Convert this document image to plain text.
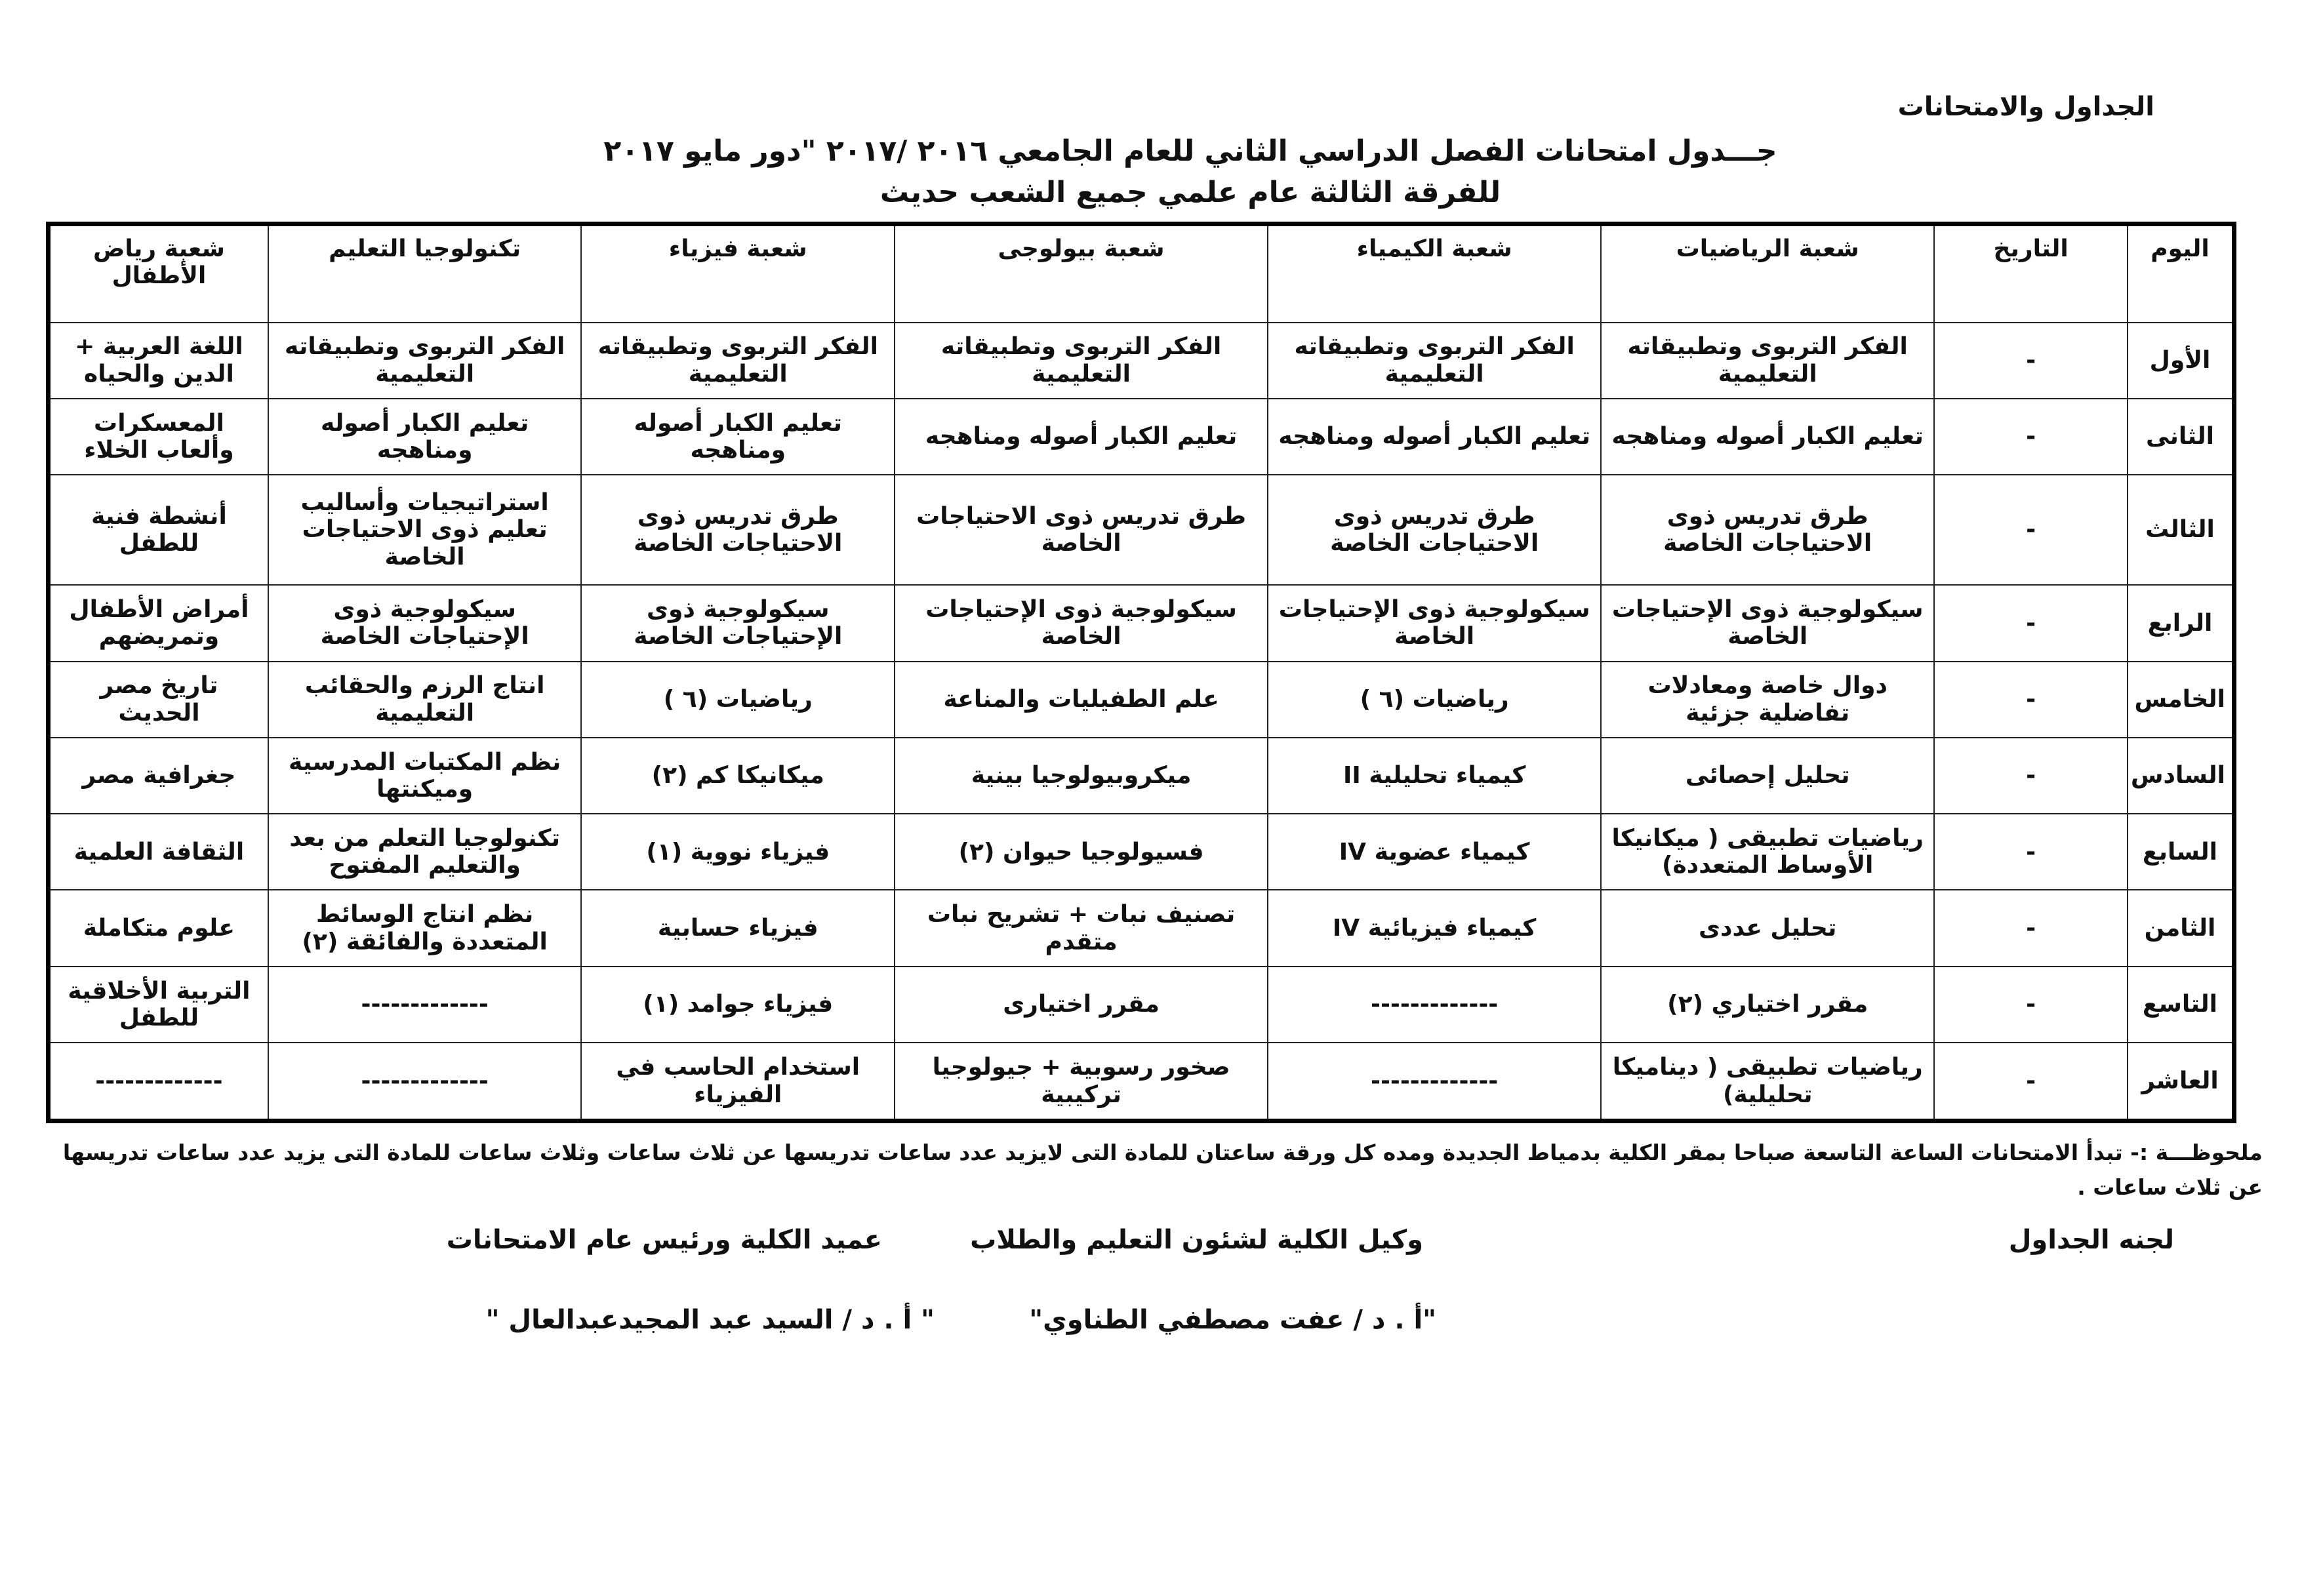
الجداول والامتحانات
جـــدول امتحانات الفصل الدراسي الثاني للعام الجامعي ٢٠١٦ /٢٠١٧ "دور مايو ٢٠١٧
للفرقة الثالثة عام علمي جميع الشعب حديث
اليوم	التاريخ	شعبة الرياضيات	شعبة الكيمياء	شعبة بيولوجى	شعبة فيزياء	تكنولوجيا التعليم	شعبة رياض الأطفال
الأول	-	الفكر التربوى وتطبيقاته التعليمية	الفكر التربوى وتطبيقاته التعليمية	الفكر التربوى وتطبيقاته التعليمية	الفكر التربوى وتطبيقاته التعليمية	الفكر التربوى وتطبيقاته التعليمية	اللغة العربية + الدين والحياه
الثانى	-	تعليم الكبار أصوله ومناهجه	تعليم الكبار أصوله ومناهجه	تعليم الكبار أصوله ومناهجه	تعليم الكبار أصوله ومناهجه	تعليم الكبار أصوله ومناهجه	المعسكرات وألعاب الخلاء
الثالث	-	طرق تدريس ذوى الاحتياجات الخاصة	طرق تدريس ذوى الاحتياجات الخاصة	طرق تدريس ذوى الاحتياجات الخاصة	طرق تدريس ذوى الاحتياجات الخاصة	استراتيجيات وأساليب تعليم ذوى الاحتياجات الخاصة	أنشطة فنية للطفل
الرابع	-	سيكولوجية ذوى الإحتياجات الخاصة	سيكولوجية ذوى الإحتياجات الخاصة	سيكولوجية ذوى الإحتياجات الخاصة	سيكولوجية ذوى الإحتياجات الخاصة	سيكولوجية ذوى الإحتياجات الخاصة	أمراض الأطفال وتمريضهم
الخامس	-	دوال خاصة ومعادلات تفاضلية جزئية	رياضيات (٦ )	علم الطفيليات والمناعة	رياضيات (٦ )	انتاج الرزم والحقائب التعليمية	تاريخ مصر الحديث
السادس	-	تحليل إحصائى	كيمياء تحليلية II	ميكروبيولوجيا بينية	ميكانيكا كم (٢)	نظم المكتبات المدرسية وميكنتها	جغرافية مصر
السابع	-	رياضيات تطبيقى ( ميكانيكا الأوساط المتعددة)	كيمياء عضوية IV	فسيولوجيا حيوان (٢)	فيزياء نووية (١)	تكنولوجيا التعلم من بعد والتعليم المفتوح	الثقافة العلمية
الثامن	-	تحليل عددى	كيمياء فيزيائية IV	تصنيف نبات + تشريح نبات متقدم	فيزياء حسابية	نظم انتاج الوسائط المتعددة والفائقة (٢)	علوم متكاملة
التاسع	-	مقرر اختياري (٢)	-------------	مقرر اختيارى	فيزياء جوامد (١)	-------------	التربية الأخلاقية للطفل
العاشر	-	رياضيات تطبيقى ( ديناميكا تحليلية)	-------------	صخور رسوبية + جيولوجيا تركيبية	استخدام الحاسب في الفيزياء	-------------	-------------
ملحوظـــة :- تبدأ الامتحانات الساعة التاسعة صباحا بمقر الكلية بدمياط الجديدة ومده كل ورقة ساعتان للمادة التى لايزيد عدد ساعات تدريسها عن ثلاث ساعات وثلاث ساعات للمادة التى يزيد عدد ساعات تدريسها عن ثلاث ساعات .
لجنه الجداول
وكيل الكلية لشئون التعليم والطلاب
عميد الكلية ورئيس عام الامتحانات
"أ . د / عفت مصطفي الطناوي"
" أ . د / السيد عبد المجيدعبدالعال "
